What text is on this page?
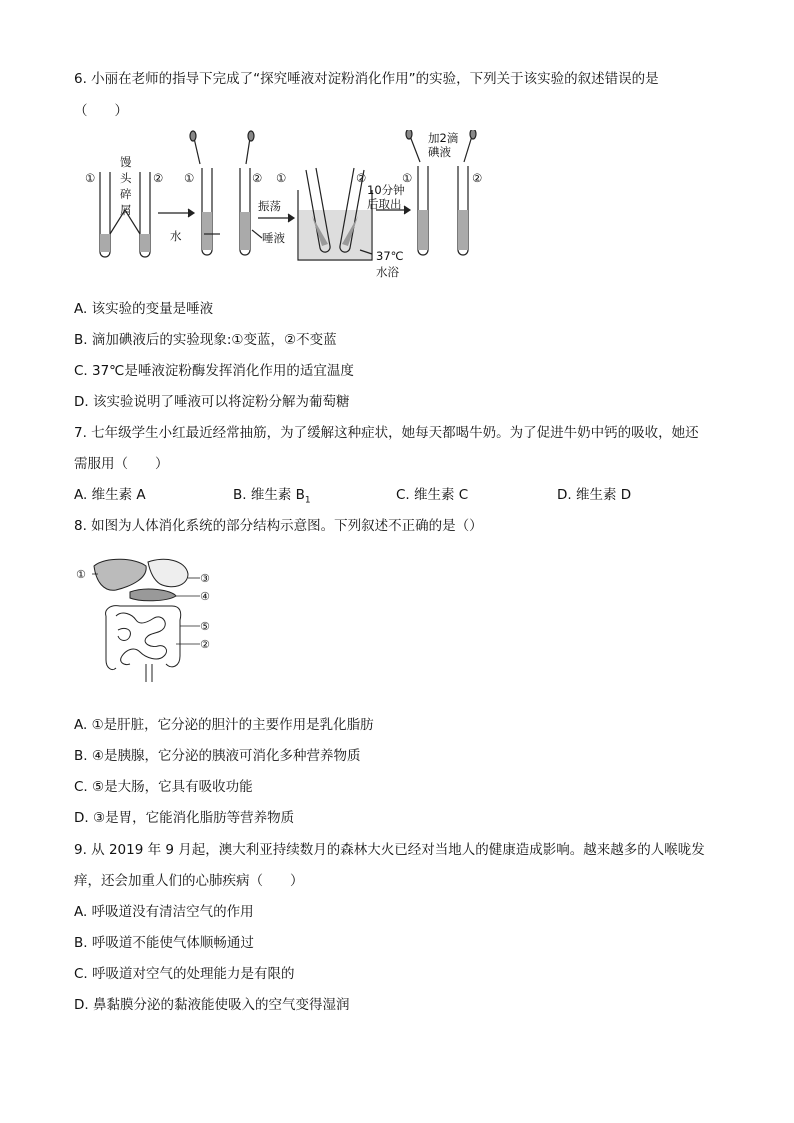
6. 小丽在老师的指导下完成了“探究唾液对淀粉消化作用”的实验，下列关于该实验的叙述错误的是
（　　）
①	②
馒
头
碎
屑
①	②
水	唾液
振荡
①	②
10分钟
后取出
37℃
水浴
加2滴
碘液
①	②
A. 该实验的变量是唾液
B. 滴加碘液后的实验现象:①变蓝，②不变蓝
C. 37℃是唾液淀粉酶发挥消化作用的适宜温度
D. 该实验说明了唾液可以将淀粉分解为葡萄糖
7. 七年级学生小红最近经常抽筋，为了缓解这种症状，她每天都喝牛奶。为了促进牛奶中钙的吸收，她还
需服用（　　）
A. 维生素 A	B. 维生素 $B_1$	C. 维生素 C	D. 维生素 D
8. 如图为人体消化系统的部分结构示意图。下列叙述不正确的是（）
①	③
④
⑤
②
A. ①是肝脏，它分泌的胆汁的主要作用是乳化脂肪
B. ④是胰腺，它分泌的胰液可消化多种营养物质
C. ⑤是大肠，它具有吸收功能
D. ③是胃，它能消化脂肪等营养物质
9. 从 2019 年 9 月起，澳大利亚持续数月的森林大火已经对当地人的健康造成影响。越来越多的人喉咙发
痒，还会加重人们的心肺疾病（　　）
A. 呼吸道没有清洁空气的作用
B. 呼吸道不能使气体顺畅通过
C. 呼吸道对空气的处理能力是有限的
D. 鼻黏膜分泌的黏液能使吸入的空气变得湿润
